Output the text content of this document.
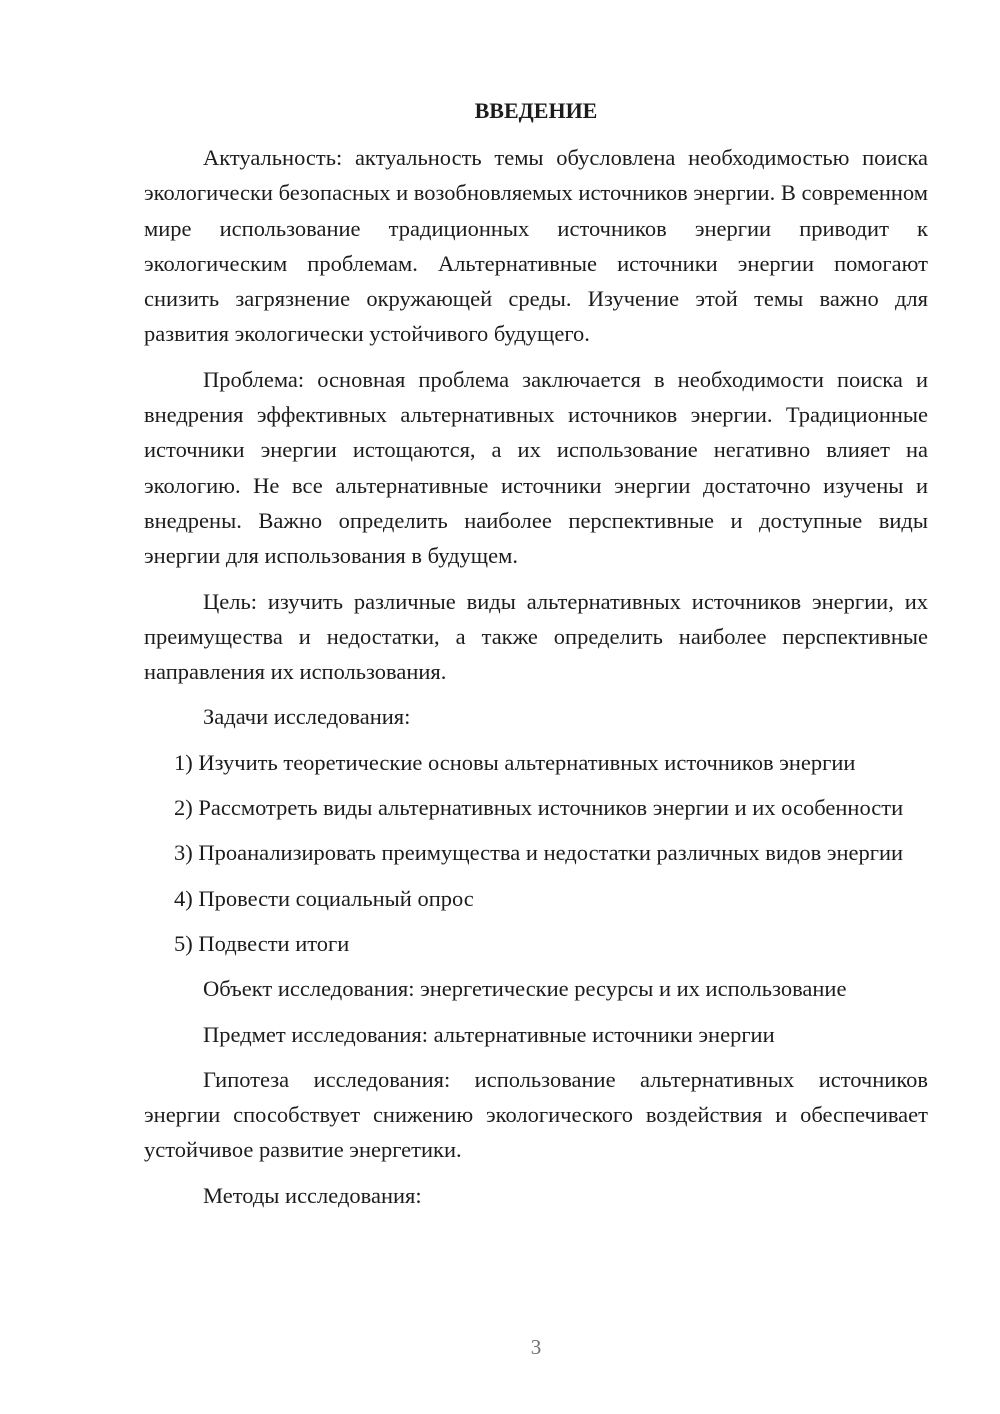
ВВЕДЕНИЕ

Актуальность: актуальность темы обусловлена необходимостью поиска экологически безопасных и возобновляемых источников энергии. В современном мире использование традиционных источников энергии приводит к экологическим проблемам. Альтернативные источники энергии помогают снизить загрязнение окружающей среды. Изучение этой темы важно для развития экологически устойчивого будущего.

Проблема: основная проблема заключается в необходимости поиска и внедрения эффективных альтернативных источников энергии. Традиционные источники энергии истощаются, а их использование негативно влияет на экологию. Не все альтернативные источники энергии достаточно изучены и внедрены. Важно определить наиболее перспективные и доступные виды энергии для использования в будущем.

Цель: изучить различные виды альтернативных источников энергии, их преимущества и недостатки, а также определить наиболее перспективные направления их использования.

Задачи исследования:

1) Изучить теоретические основы альтернативных источников энергии

2) Рассмотреть виды альтернативных источников энергии и их особенности

3) Проанализировать преимущества и недостатки различных видов энергии

4) Провести социальный опрос

5) Подвести итоги

Объект исследования: энергетические ресурсы и их использование

Предмет исследования: альтернативные источники энергии

Гипотеза исследования: использование альтернативных источников энергии способствует снижению экологического воздействия и обеспечивает устойчивое развитие энергетики.

Методы исследования:

3
